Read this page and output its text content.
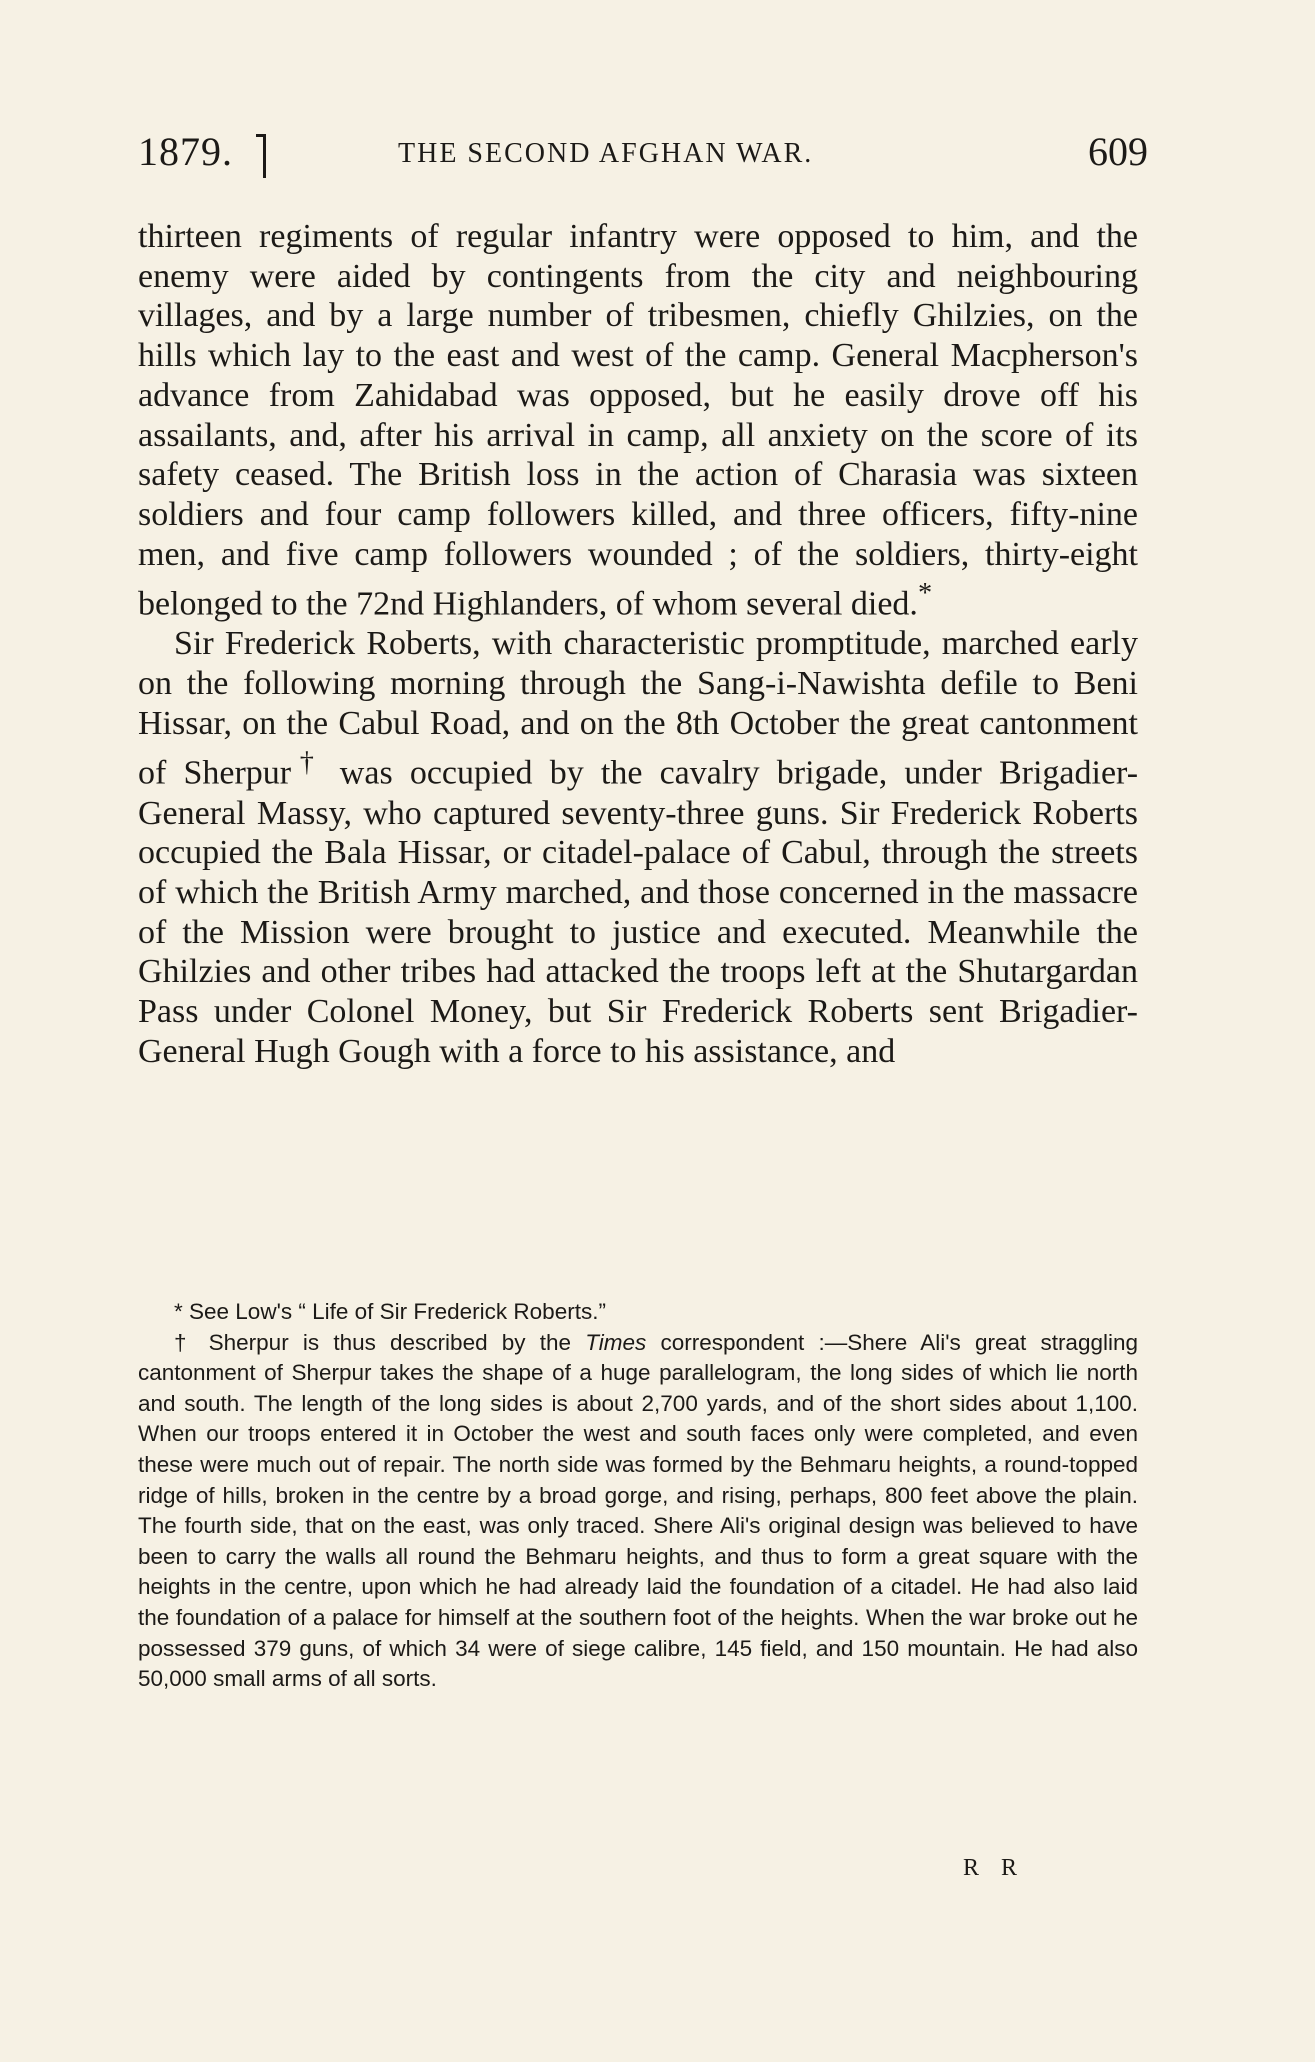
1879.	THE SECOND AFGHAN WAR.	609

thirteen regiments of regular infantry were opposed to him, and the enemy were aided by contingents from the city and neighbouring villages, and by a large number of tribesmen, chiefly Ghilzies, on the hills which lay to the east and west of the camp. General Macpherson's advance from Zahidabad was opposed, but he easily drove off his assailants, and, after his arrival in camp, all anxiety on the score of its safety ceased. The British loss in the action of Charasia was sixteen soldiers and four camp followers killed, and three officers, fifty-nine men, and five camp followers wounded ; of the soldiers, thirty-eight belonged to the 72nd Highlanders, of whom several died.*

Sir Frederick Roberts, with characteristic promptitude, marched early on the following morning through the Sang-i-Nawishta defile to Beni Hissar, on the Cabul Road, and on the 8th October the great cantonment of Sherpur† was occupied by the cavalry brigade, under Brigadier-General Massy, who captured seventy-three guns. Sir Frederick Roberts occupied the Bala Hissar, or citadel-palace of Cabul, through the streets of which the British Army marched, and those concerned in the massacre of the Mission were brought to justice and executed. Meanwhile the Ghilzies and other tribes had attacked the troops left at the Shutargardan Pass under Colonel Money, but Sir Frederick Roberts sent Brigadier-General Hugh Gough with a force to his assistance, and

* See Low's “ Life of Sir Frederick Roberts.”

† Sherpur is thus described by the Times correspondent :—Shere Ali's great straggling cantonment of Sherpur takes the shape of a huge parallelogram, the long sides of which lie north and south. The length of the long sides is about 2,700 yards, and of the short sides about 1,100. When our troops entered it in October the west and south faces only were completed, and even these were much out of repair. The north side was formed by the Behmaru heights, a round-topped ridge of hills, broken in the centre by a broad gorge, and rising, perhaps, 800 feet above the plain. The fourth side, that on the east, was only traced. Shere Ali's original design was believed to have been to carry the walls all round the Behmaru heights, and thus to form a great square with the heights in the centre, upon which he had already laid the foundation of a citadel. He had also laid the foundation of a palace for himself at the southern foot of the heights. When the war broke out he possessed 379 guns, of which 34 were of siege calibre, 145 field, and 150 mountain. He had also 50,000 small arms of all sorts.

R R
